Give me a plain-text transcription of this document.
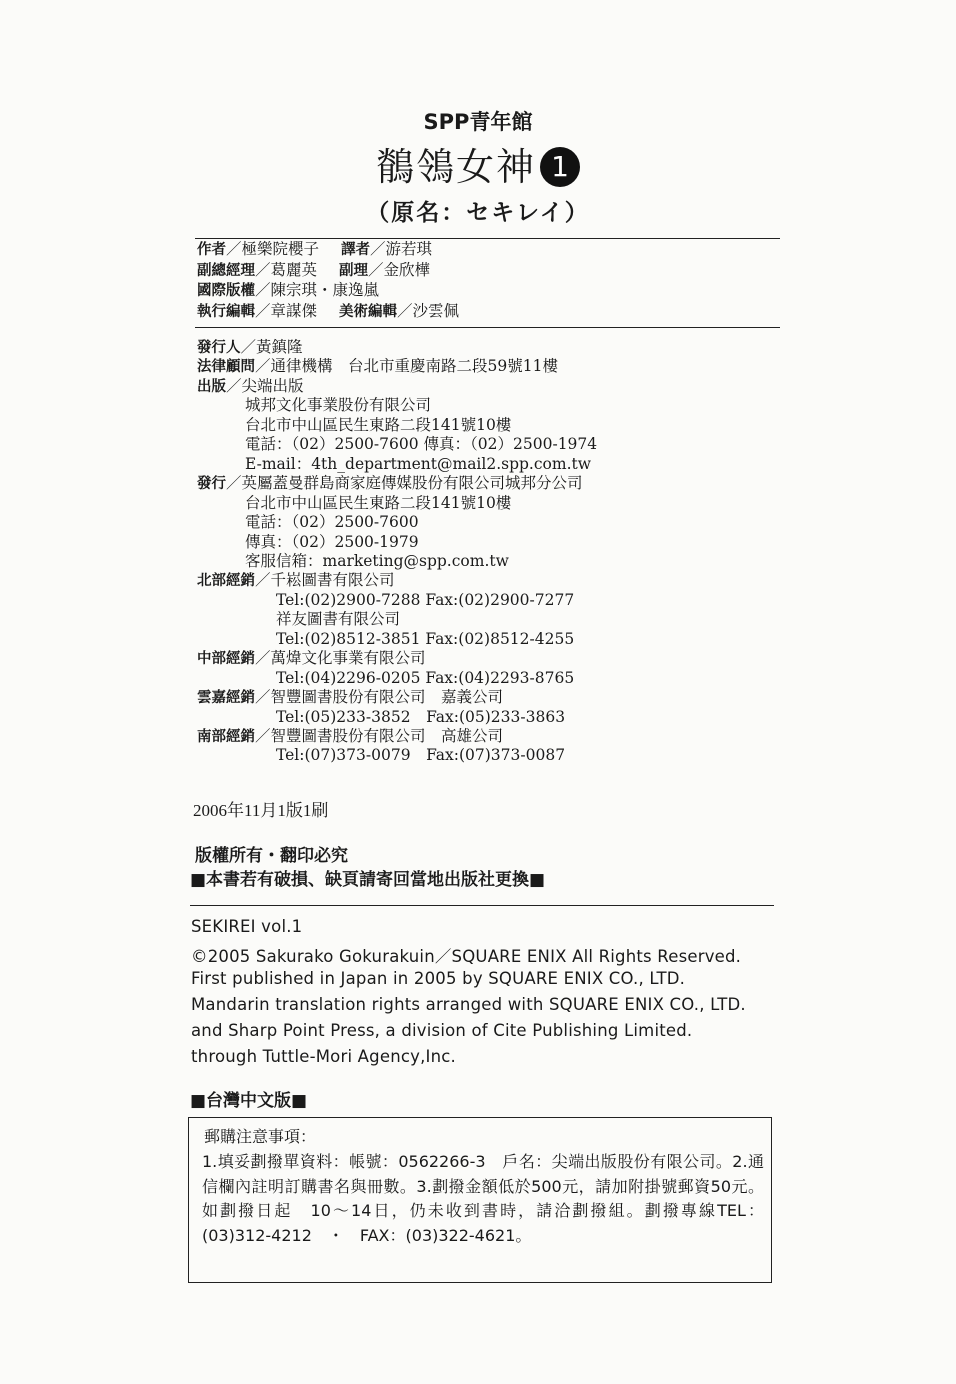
SPP青年館
鶺鴒女神 1
（原名：セキレイ）
作者／極樂院櫻子 譯者／游若琪
副總經理／葛麗英 副理／金欣樺
國際版權／陳宗琪・康逸嵐
執行編輯／章謀傑 美術編輯／沙雲佩
發行人／黃鎮隆
法律顧問／通律機構　台北市重慶南路二段59號11樓
出版／尖端出版
城邦文化事業股份有限公司
台北市中山區民生東路二段141號10樓
電話：（02）2500-7600 傳真：（02）2500-1974
E-mail：4th_department@mail2.spp.com.tw
發行／英屬蓋曼群島商家庭傳媒股份有限公司城邦分公司
台北市中山區民生東路二段141號10樓
電話：（02）2500-7600
傳真：（02）2500-1979
客服信箱：marketing@spp.com.tw
北部經銷／千崧圖書有限公司
Tel:(02)2900-7288 Fax:(02)2900-7277
祥友圖書有限公司
Tel:(02)8512-3851 Fax:(02)8512-4255
中部經銷／萬煒文化事業有限公司
Tel:(04)2296-0205 Fax:(04)2293-8765
雲嘉經銷／智豐圖書股份有限公司　嘉義公司
Tel:(05)233-3852　Fax:(05)233-3863
南部經銷／智豐圖書股份有限公司　高雄公司
Tel:(07)373-0079　Fax:(07)373-0087
2006年11月1版1刷
版權所有・翻印必究
■本書若有破損、缺頁請寄回當地出版社更換■
SEKIREI vol.1
©2005 Sakurako Gokurakuin／SQUARE ENIX All Rights Reserved.
First published in Japan in 2005 by SQUARE ENIX CO., LTD.
Mandarin translation rights arranged with SQUARE ENIX CO., LTD.
and Sharp Point Press, a division of Cite Publishing Limited.
through Tuttle-Mori Agency,Inc.
■台灣中文版■
郵購注意事項：
1.填妥劃撥單資料：帳號：0562266-3　戶名：尖端出版股份有限公司。2.通信欄內註明訂購書名與冊數。3.劃撥金額低於500元，請加附掛號郵資50元。如劃撥日起　10～14日，仍未收到書時，請洽劃撥組。劃撥專線TEL：(03)312-4212　・　FAX：(03)322-4621。
